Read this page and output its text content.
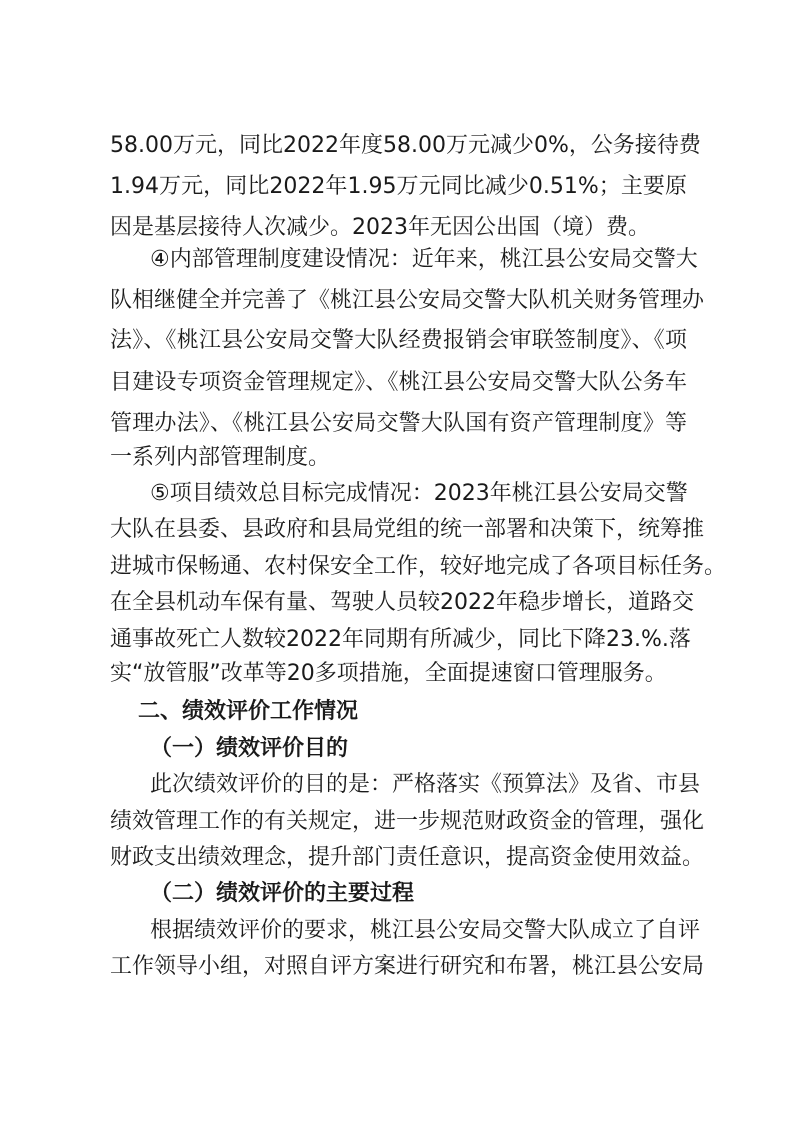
58.00万元，同比2022年度58.00万元减少0%，公务接待费
1.94万元，同比2022年1.95万元同比减少0.51%；主要原
因是基层接待人次减少。2023年无因公出国（境）费。
④内部管理制度建设情况：近年来，桃江县公安局交警大
队相继健全并完善了《桃江县公安局交警大队机关财务管理办
法》、《桃江县公安局交警大队经费报销会审联签制度》、《项
目建设专项资金管理规定》、《桃江县公安局交警大队公务车
管理办法》、《桃江县公安局交警大队国有资产管理制度》等
一系列内部管理制度。
⑤项目绩效总目标完成情况：2023年桃江县公安局交警
大队在县委、县政府和县局党组的统一部署和决策下，统筹推
进城市保畅通、农村保安全工作，较好地完成了各项目标任务。
在全县机动车保有量、驾驶人员较2022年稳步增长，道路交
通事故死亡人数较2022年同期有所减少，同比下降23.%.落
实“放管服”改革等20多项措施，全面提速窗口管理服务。
二、绩效评价工作情况
（一）绩效评价目的
此次绩效评价的目的是：严格落实《预算法》及省、市县
绩效管理工作的有关规定，进一步规范财政资金的管理，强化
财政支出绩效理念，提升部门责任意识，提高资金使用效益。
（二）绩效评价的主要过程
根据绩效评价的要求，桃江县公安局交警大队成立了自评
工作领导小组，对照自评方案进行研究和布署，桃江县公安局
